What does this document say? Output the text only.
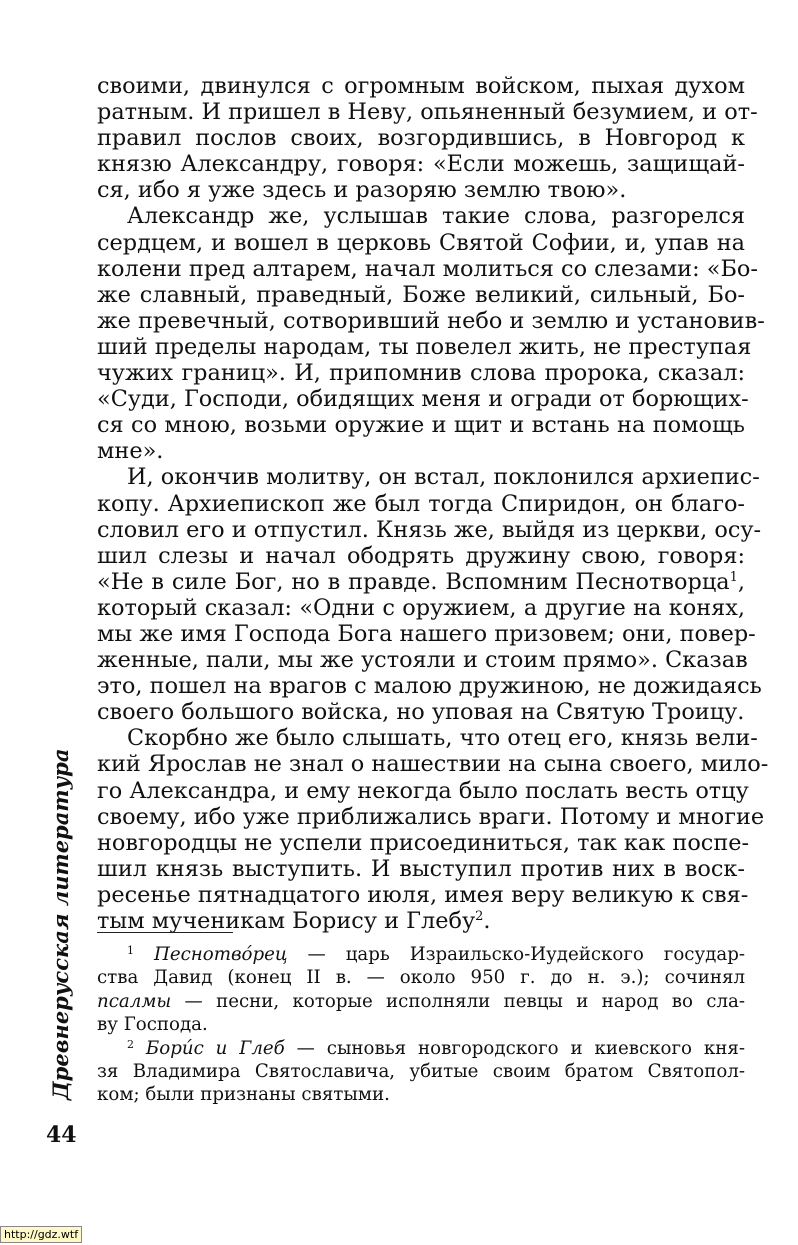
своими, двинулся с огромным войском, пыхая духом
ратным. И пришел в Неву, опьяненный безумием, и от-
правил послов своих, возгордившись, в Новгород к
князю Александру, говоря: «Если можешь, защищай-
ся, ибо я уже здесь и разоряю землю твою».
Александр же, услышав такие слова, разгорелся
сердцем, и вошел в церковь Святой Софии, и, упав на
колени пред алтарем, начал молиться со слезами: «Бо-
же славный, праведный, Боже великий, сильный, Бо-
же превечный, сотворивший небо и землю и установив-
ший пределы народам, ты повелел жить, не преступая
чужих границ». И, припомнив слова пророка, сказал:
«Суди, Господи, обидящих меня и огради от борющих-
ся со мною, возьми оружие и щит и встань на помощь
мне».
И, окончив молитву, он встал, поклонился архиепис-
копу. Архиепископ же был тогда Спиридон, он благо-
словил его и отпустил. Князь же, выйдя из церкви, осу-
шил слезы и начал ободрять дружину свою, говоря:
«Не в силе Бог, но в правде. Вспомним Песнотворца$^1$,
который сказал: «Одни с оружием, а другие на конях,
мы же имя Господа Бога нашего призовем; они, повер-
женные, пали, мы же устояли и стоим прямо». Сказав
это, пошел на врагов с малою дружиною, не дожидаясь
своего большого войска, но уповая на Святую Троицу.
Скорбно же было слышать, что отец его, князь вели-
кий Ярослав не знал о нашествии на сына своего, мило-
го Александра, и ему некогда было послать весть отцу
своему, ибо уже приближались враги. Потому и многие
новгородцы не успели присоединиться, так как поспе-
шил князь выступить. И выступил против них в воск-
ресенье пятнадцатого июля, имея веру великую к свя-
тым мученикам Борису и Глебу$^2$.
$^1$ Песнотво́рец — царь Израильско-Иудейского государ-
ства Давид (конец II в. — около 950 г. до н. э.); сочинял
псалмы — песни, которые исполняли певцы и народ во сла-
ву Господа.
$^2$ Бори́с и Глеб — сыновья новгородского и киевского кня-
зя Владимира Святославича, убитые своим братом Святопол-
ком; были признаны святыми.
Древнерусская литература
44
http://gdz.wtf
